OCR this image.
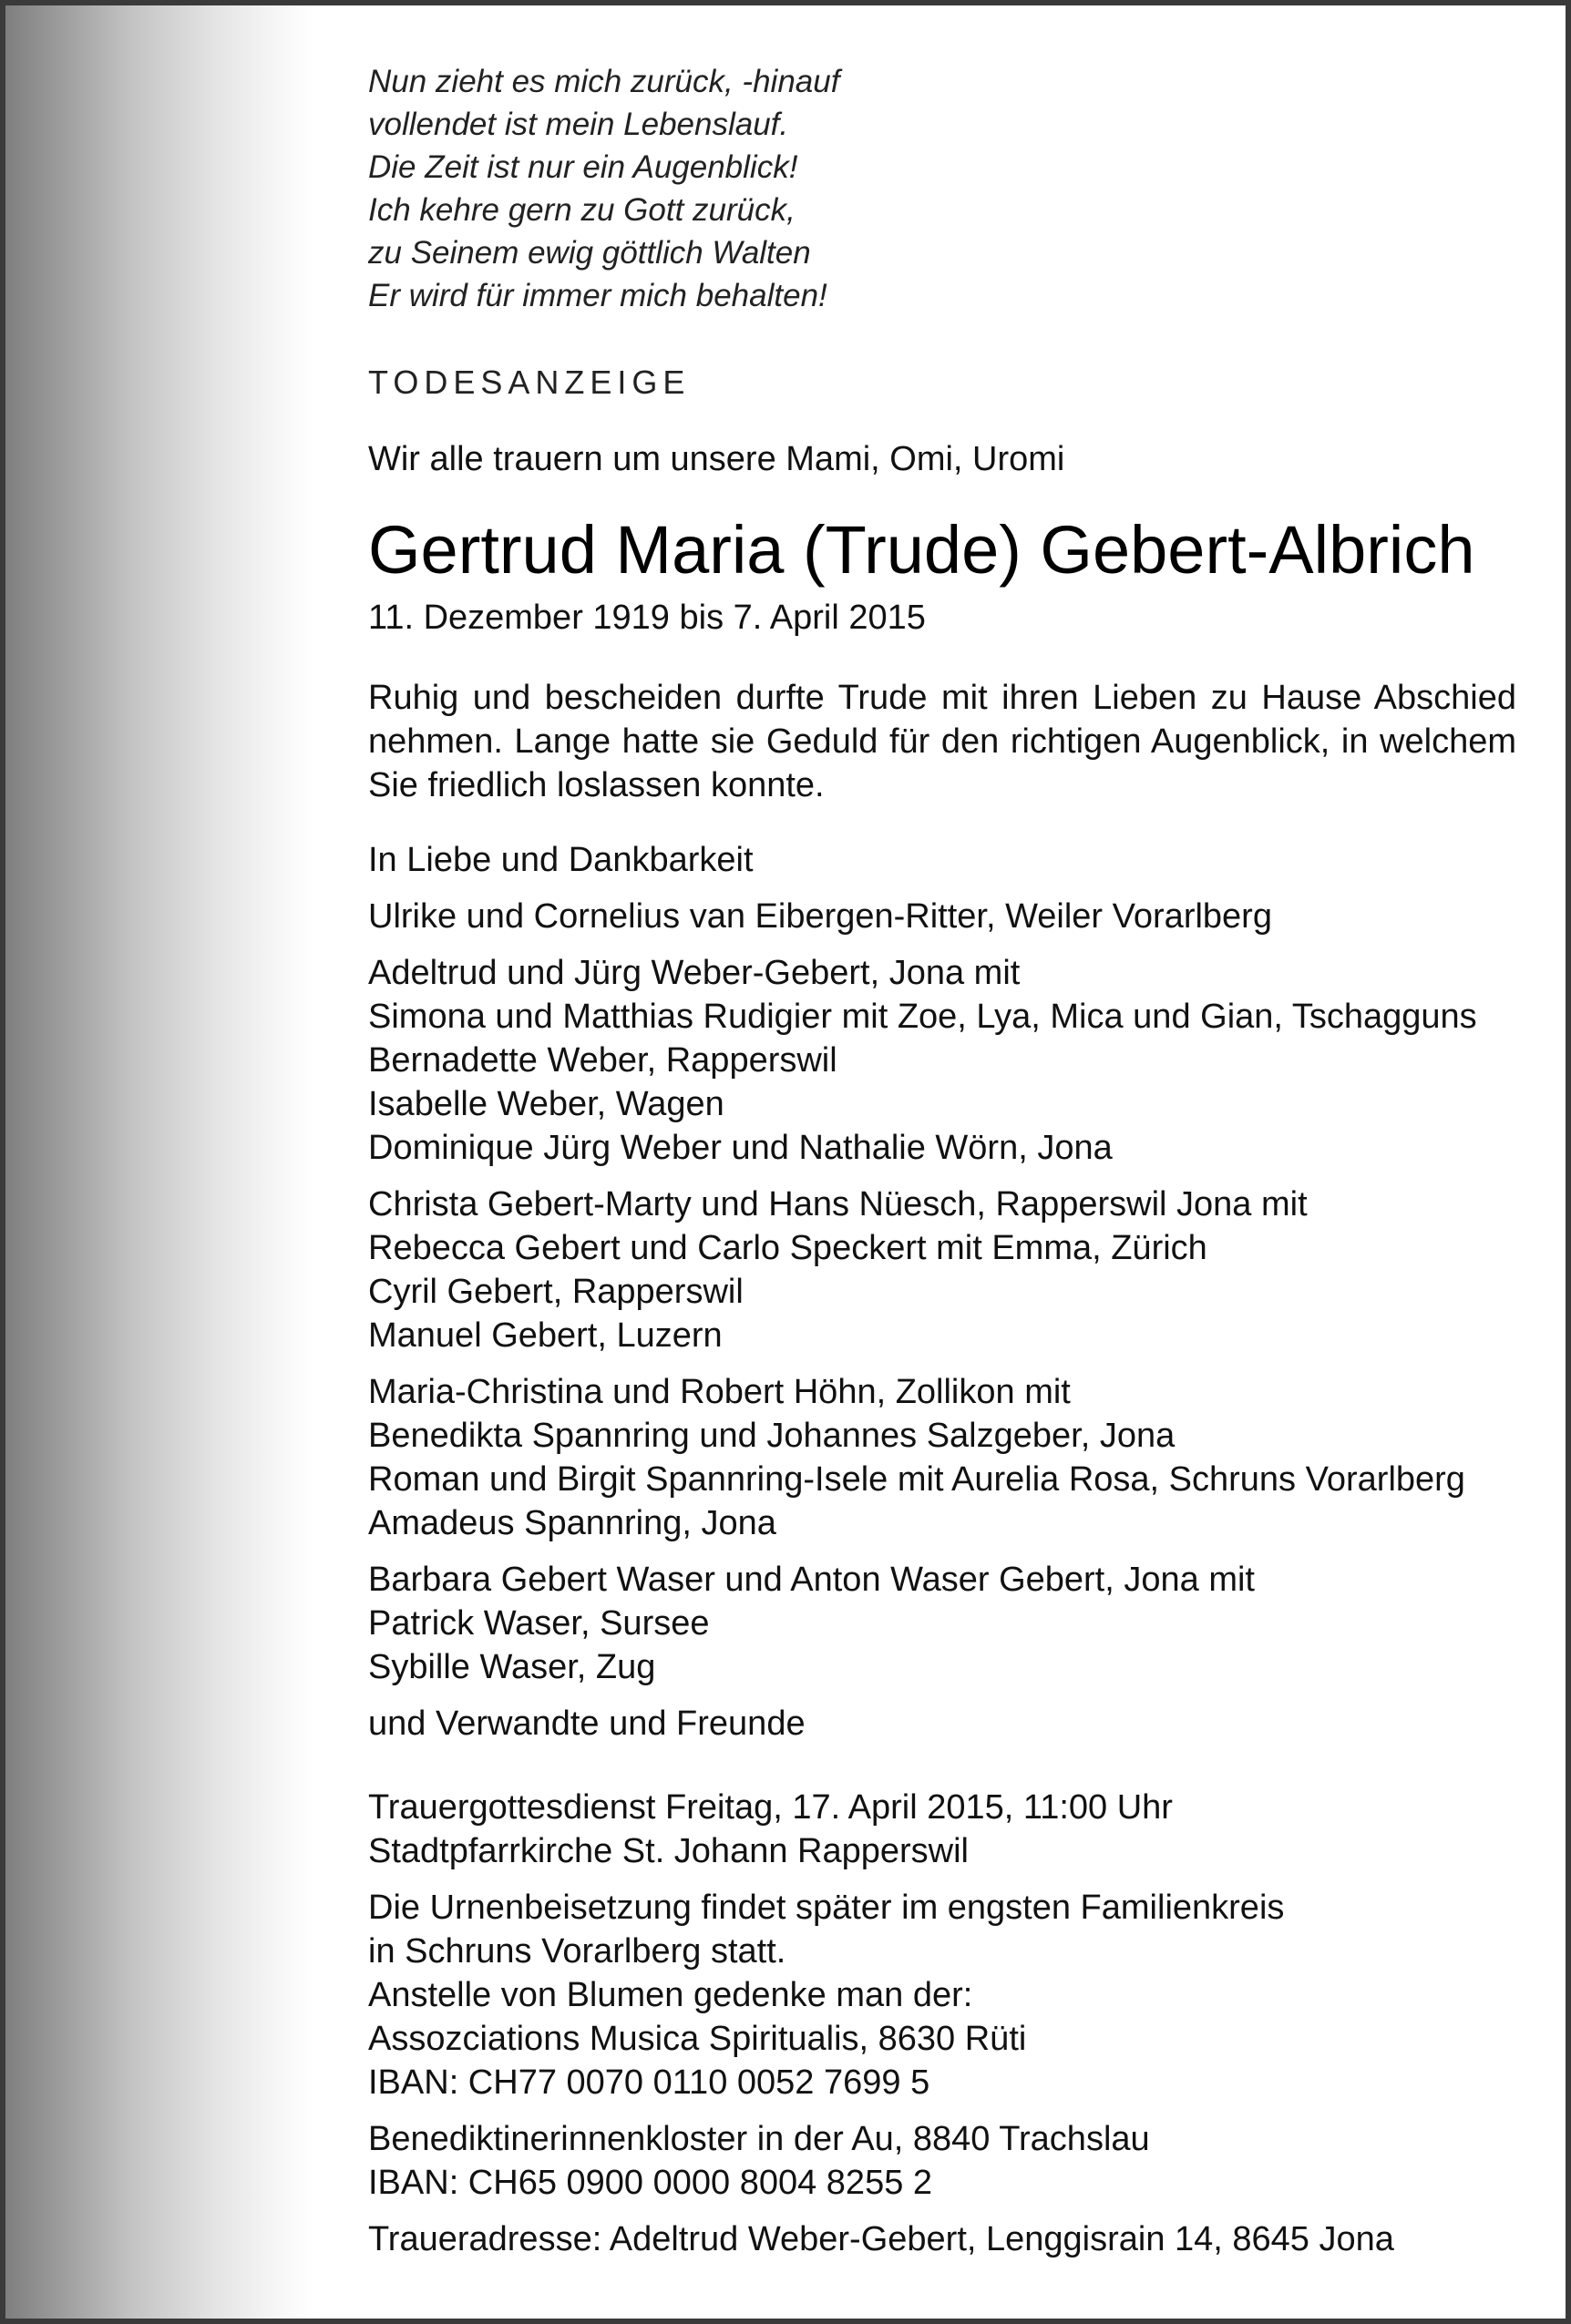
Nun zieht es mich zurück, -hinauf
vollendet ist mein Lebenslauf.
Die Zeit ist nur ein Augenblick!
Ich kehre gern zu Gott zurück,
zu Seinem ewig göttlich Walten
Er wird für immer mich behalten!
TODESANZEIGE
Wir alle trauern um unsere Mami, Omi, Uromi
Gertrud Maria (Trude) Gebert-Albrich
11. Dezember 1919 bis 7. April 2015
Ruhig und bescheiden durfte Trude mit ihren Lieben zu Hause Abschied nehmen. Lange hatte sie Geduld für den richtigen Augenblick, in welchem Sie friedlich loslassen konnte.
In Liebe und Dankbarkeit
Ulrike und Cornelius van Eibergen-Ritter, Weiler Vorarlberg
Adeltrud und Jürg Weber-Gebert, Jona mit
Simona und Matthias Rudigier mit Zoe, Lya, Mica und Gian, Tschagguns
Bernadette Weber, Rapperswil
Isabelle Weber, Wagen
Dominique Jürg Weber und Nathalie Wörn, Jona
Christa Gebert-Marty und Hans Nüesch, Rapperswil Jona mit
Rebecca Gebert und Carlo Speckert mit Emma, Zürich
Cyril Gebert, Rapperswil
Manuel Gebert, Luzern
Maria-Christina und Robert Höhn, Zollikon mit
Benedikta Spannring und Johannes Salzgeber, Jona
Roman und Birgit Spannring-Isele mit Aurelia Rosa, Schruns Vorarlberg
Amadeus Spannring, Jona
Barbara Gebert Waser und Anton Waser Gebert, Jona mit
Patrick Waser, Sursee
Sybille Waser, Zug
und Verwandte und Freunde
Trauergottesdienst Freitag, 17. April 2015, 11:00 Uhr
Stadtpfarrkirche St. Johann Rapperswil
Die Urnenbeisetzung findet später im engsten Familienkreis
in Schruns Vorarlberg statt.
Anstelle von Blumen gedenke man der:
Assozciations Musica Spiritualis, 8630 Rüti
IBAN: CH77 0070 0110 0052 7699 5
Benediktinerinnenkloster in der Au, 8840 Trachslau
IBAN: CH65 0900 0000 8004 8255 2
Traueradresse: Adeltrud Weber-Gebert, Lenggisrain 14, 8645 Jona
